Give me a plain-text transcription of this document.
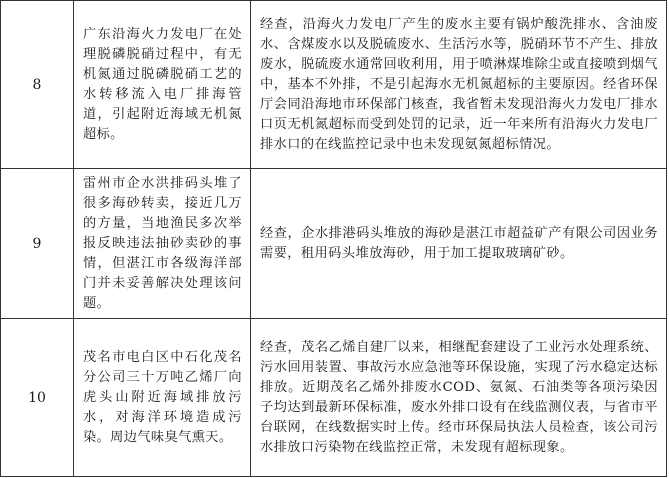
8	广东沿海火力发电厂在处理脱磷脱硝过程中，有无机氮通过脱磷脱硝工艺的水转移流入电厂排海管道，引起附近海域无机氮超标。	经查，沿海火力发电厂产生的废水主要有锅炉酸洗排水、含油废水、含煤废水以及脱硫废水、生活污水等，脱硝环节不产生、排放废水，脱硫废水通常回收利用，用于喷淋煤堆除尘或直接喷到烟气中，基本不外排，不是引起海水无机氮超标的主要原因。经省环保厅会同沿海地市环保部门核查，我省暂未发现沿海火力发电厂排水口页无机氮超标而受到处罚的记录，近一年来所有沿海火力发电厂排水口的在线监控记录中也未发现氨氮超标情况。
9	雷州市企水洪排码头堆了很多海砂转卖，接近几万的方量，当地渔民多次举报反映违法抽砂卖砂的事情，但湛江市各级海洋部门并未妥善解决处理该问题。	经查，企水排港码头堆放的海砂是湛江市超益矿产有限公司因业务需要，租用码头堆放海砂，用于加工提取玻璃矿砂。
10	茂名市电白区中石化茂名分公司三十万吨乙烯厂向虎头山附近海域排放污水，对海洋环境造成污染。周边气味臭气熏天。	经查，茂名乙烯自建厂以来，相继配套建设了工业污水处理系统、污水回用装置、事故污水应急池等环保设施，实现了污水稳定达标排放。近期茂名乙烯外排废水COD、氨氮、石油类等各项污染因子均达到最新环保标准，废水外排口设有在线监测仪表，与省市平台联网，在线数据实时上传。经市环保局执法人员检查，该公司污水排放口污染物在线监控正常，未发现有超标现象。
